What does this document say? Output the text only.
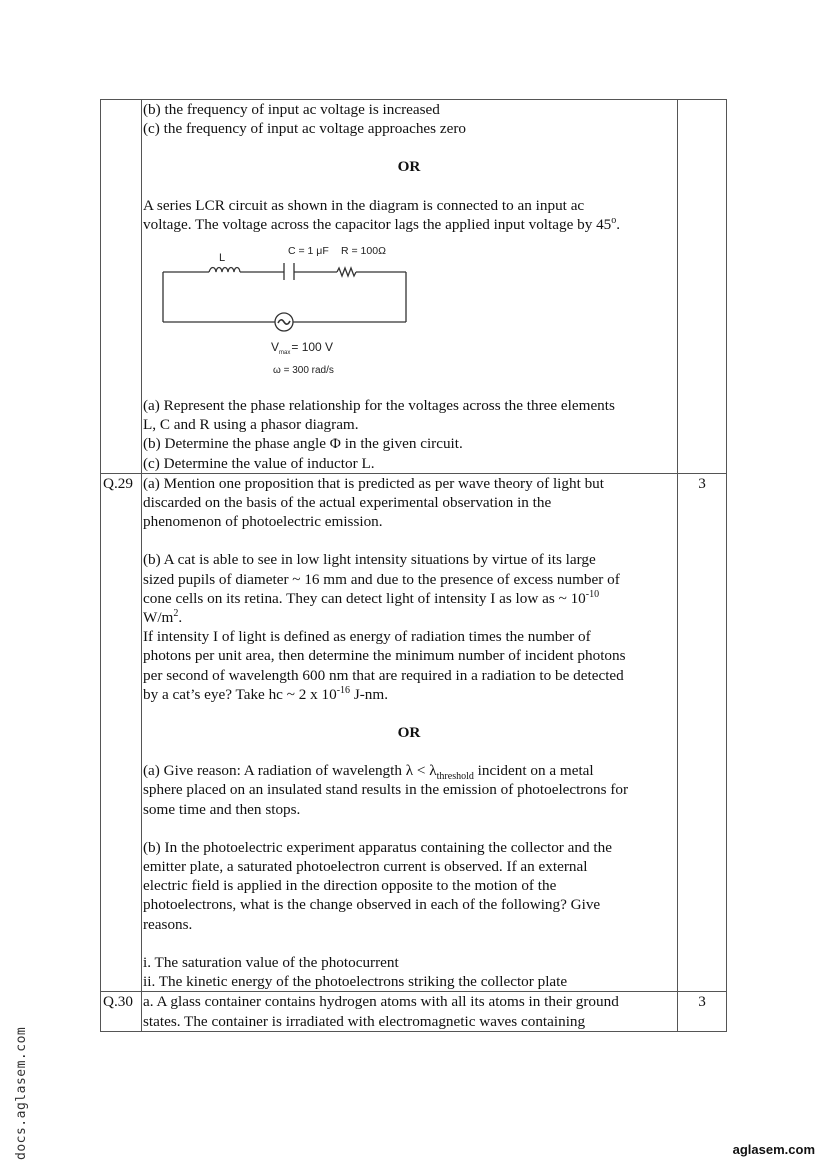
(b) the frequency of input ac voltage is increased
(c) the frequency of input ac voltage approaches zero
OR
A series LCR circuit as shown in the diagram is connected to an input ac
voltage. The voltage across the capacitor lags the applied input voltage by 45$^o$.
L
C = 1 μF R = 100Ω
$V_{max}= 100$ V
ω = 300 rad/s
(a) Represent the phase relationship for the voltages across the three elements
L, C and R using a phasor diagram.
(b) Determine the phase angle Φ in the given circuit.
(c) Determine the value of inductor L.

Q.29	(a) Mention one proposition that is predicted as per wave theory of light but
discarded on the basis of the actual experimental observation in the
phenomenon of photoelectric emission.
(b) A cat is able to see in low light intensity situations by virtue of its large
sized pupils of diameter ~ 16 mm and due to the presence of excess number of
cone cells on its retina. They can detect light of intensity I as low as ~ $10^{-10}$
$W/m^2$.
If intensity I of light is defined as energy of radiation times the number of
photons per unit area, then determine the minimum number of incident photons
per second of wavelength 600 nm that are required in a radiation to be detected
by a cat’s eye? Take hc ~ 2 x $10^{-16}$ J-nm.
OR
(a) Give reason: A radiation of wavelength $\lambda < \lambda_{threshold}$ incident on a metal
sphere placed on an insulated stand results in the emission of photoelectrons for
some time and then stops.
(b) In the photoelectric experiment apparatus containing the collector and the
emitter plate, a saturated photoelectron current is observed. If an external
electric field is applied in the direction opposite to the motion of the
photoelectrons, what is the change observed in each of the following? Give
reasons.
i. The saturation value of the photocurrent
ii. The kinetic energy of the photoelectrons striking the collector plate
	3
Q.30	a. A glass container contains hydrogen atoms with all its atoms in their ground
states. The container is irradiated with electromagnetic waves containing	3
docs.aglasem.com	aglasem.com
